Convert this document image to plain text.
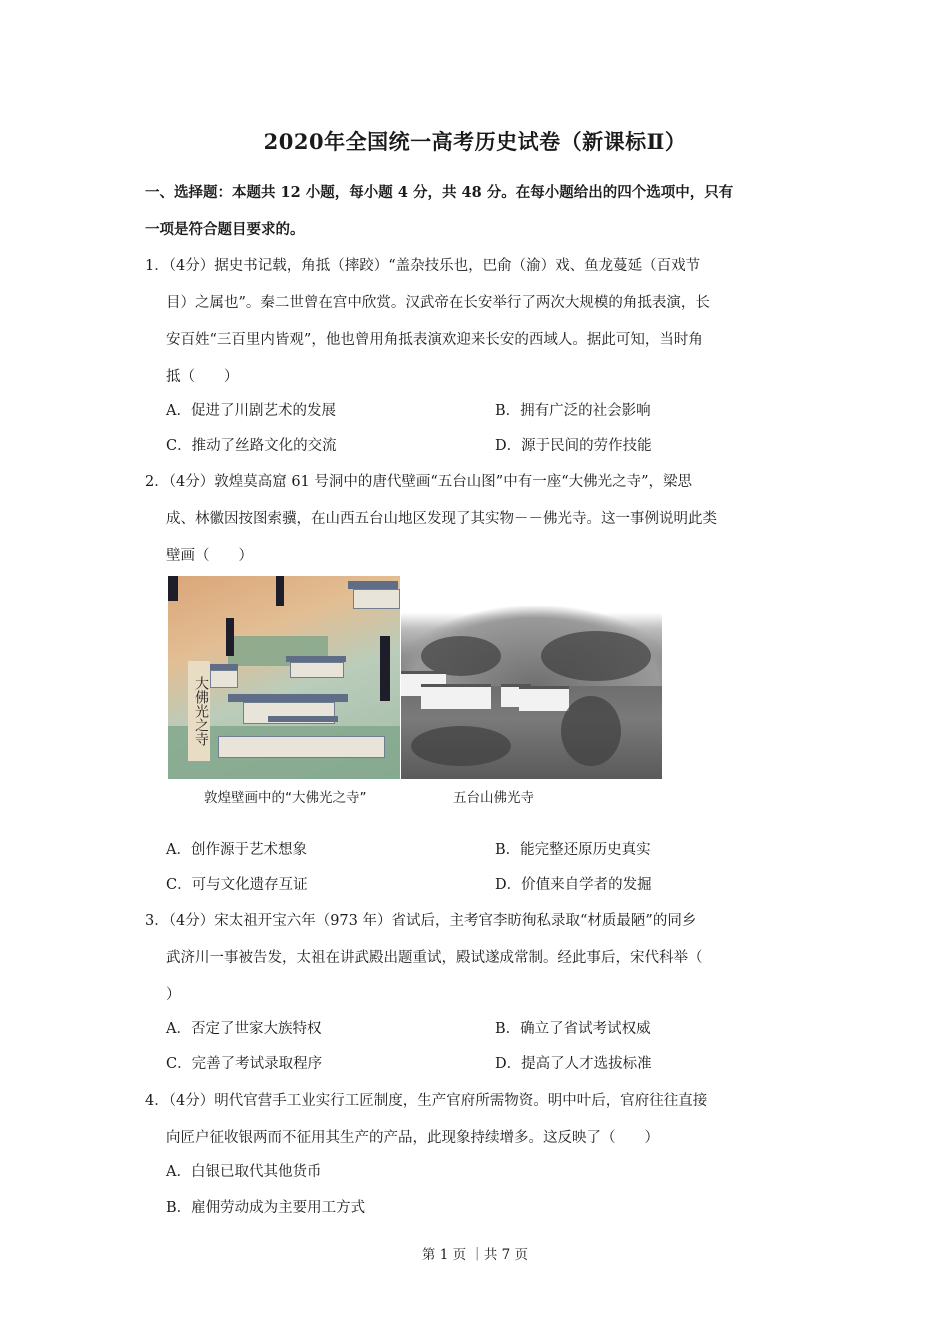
2020年全国统一高考历史试卷（新课标Ⅱ）
一、选择题：本题共 12 小题，每小题 4 分，共 48 分。在每小题给出的四个选项中，只有
一项是符合题目要求的。
1．（4分）据史书记载，角抵（摔跤）“盖杂技乐也，巴俞（渝）戏、鱼龙蔓延（百戏节
目）之属也”。秦二世曾在宫中欣赏。汉武帝在长安举行了两次大规模的角抵表演，长
安百姓“三百里内皆观”，他也曾用角抵表演欢迎来长安的西域人。据此可知，当时角
抵（　　）
A．促进了川剧艺术的发展	B．拥有广泛的社会影响
C．推动了丝路文化的交流	D．源于民间的劳作技能
2．（4分）敦煌莫高窟 61 号洞中的唐代壁画“五台山图”中有一座“大佛光之寺”，梁思
成、林徽因按图索骥，在山西五台山地区发现了其实物－－佛光寺。这一事例说明此类
壁画（　　）
大佛光之寺
敦煌壁画中的“大佛光之寺”	五台山佛光寺
A．创作源于艺术想象	B．能完整还原历史真实
C．可与文化遗存互证	D．价值来自学者的发掘
3．（4分）宋太祖开宝六年（973 年）省试后，主考官李昉徇私录取“材质最陋”的同乡
武济川一事被告发，太祖在讲武殿出题重试，殿试遂成常制。经此事后，宋代科举（
）
A．否定了世家大族特权	B．确立了省试考试权威
C．完善了考试录取程序	D．提高了人才选拔标准
4．（4分）明代官营手工业实行工匠制度，生产官府所需物资。明中叶后，官府往往直接
向匠户征收银两而不征用其生产的产品，此现象持续增多。这反映了（　　）
A．白银已取代其他货币
B．雇佣劳动成为主要用工方式
第 1 页 ｜共 7 页
